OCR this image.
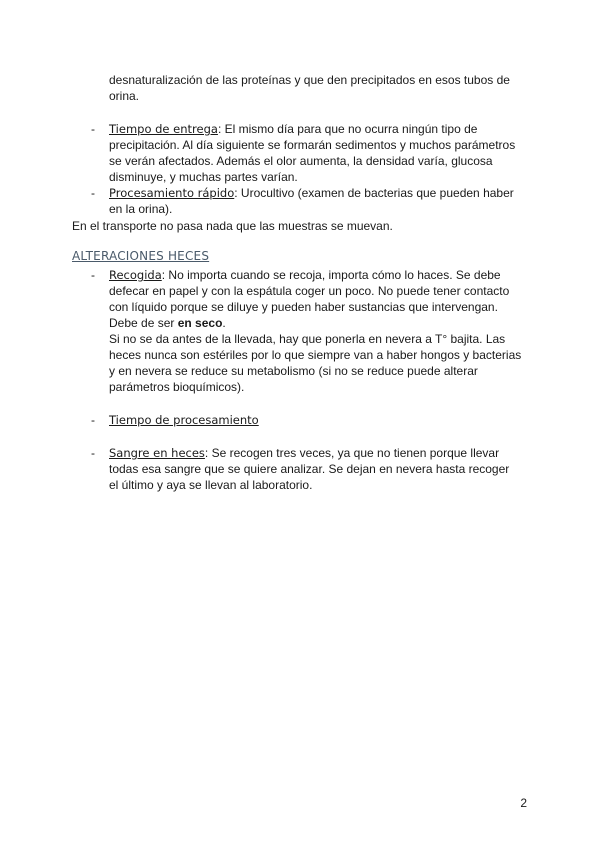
desnaturalización de las proteínas y que den precipitados en esos tubos de
orina.
- Tiempo de entrega: El mismo día para que no ocurra ningún tipo de
precipitación. Al día siguiente se formarán sedimentos y muchos parámetros
se verán afectados. Además el olor aumenta, la densidad varía, glucosa
disminuye, y muchas partes varían.
- Procesamiento rápido: Urocultivo (examen de bacterias que pueden haber
en la orina).
En el transporte no pasa nada que las muestras se muevan.
ALTERACIONES HECES
- Recogida: No importa cuando se recoja, importa cómo lo haces. Se debe
defecar en papel y con la espátula coger un poco. No puede tener contacto
con líquido porque se diluye y pueden haber sustancias que intervengan.
Debe de ser en seco.
Si no se da antes de la llevada, hay que ponerla en nevera a T° bajita. Las
heces nunca son estériles por lo que siempre van a haber hongos y bacterias
y en nevera se reduce su metabolismo (si no se reduce puede alterar
parámetros bioquímicos).
- Tiempo de procesamiento
- Sangre en heces: Se recogen tres veces, ya que no tienen porque llevar
todas esa sangre que se quiere analizar. Se dejan en nevera hasta recoger
el último y aya se llevan al laboratorio.
2
